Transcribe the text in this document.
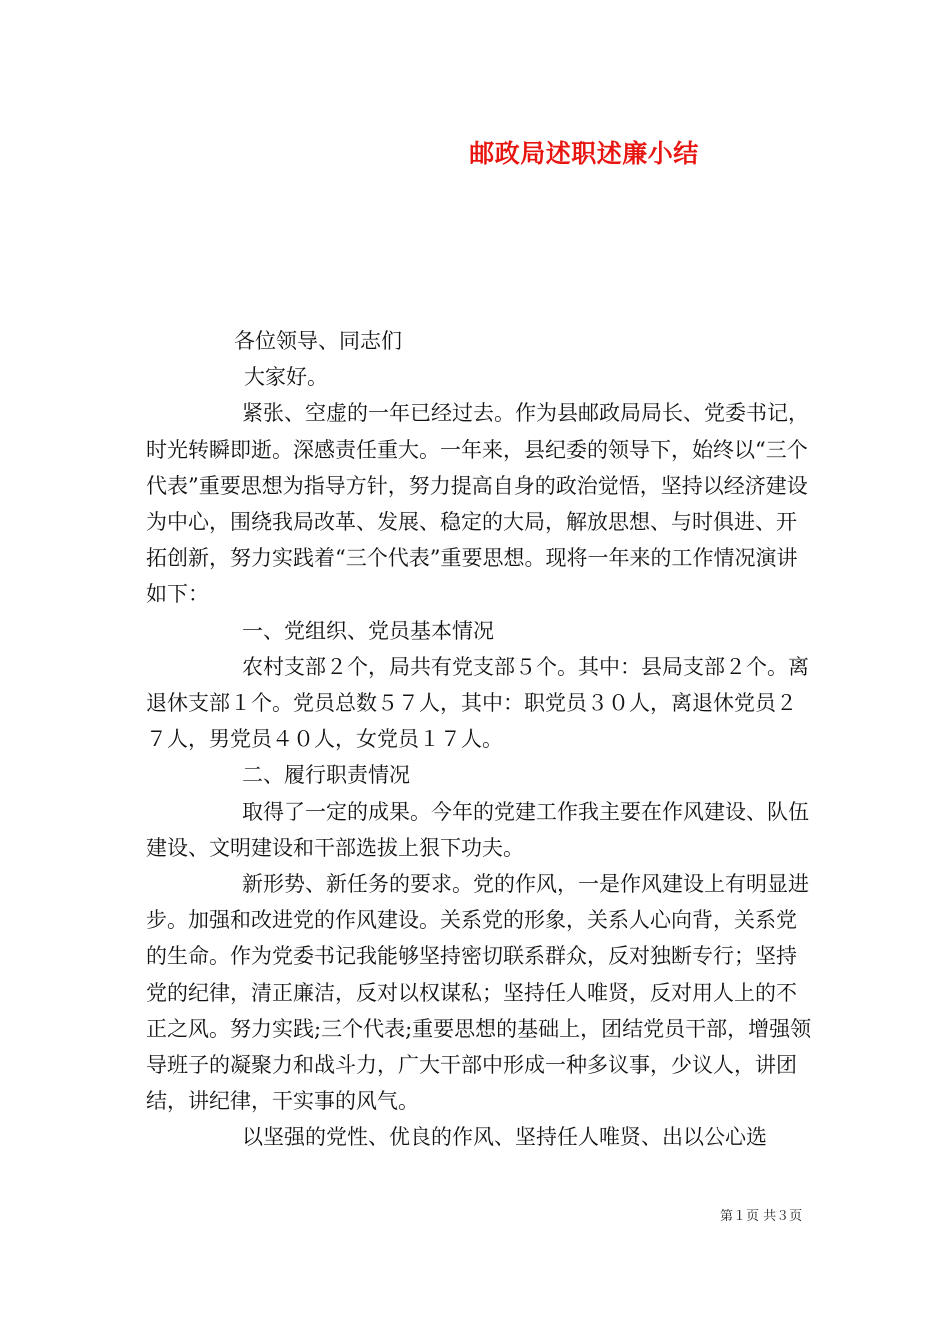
邮政局述职述廉小结

各位领导、同志们

大家好。

紧张、空虚的一年已经过去。作为县邮政局局长、党委书记，时光转瞬即逝。深感责任重大。一年来，县纪委的领导下，始终以“三个代表”重要思想为指导方针，努力提高自身的政治觉悟，坚持以经济建设为中心，围绕我局改革、发展、稳定的大局，解放思想、与时俱进、开拓创新，努力实践着“三个代表”重要思想。现将一年来的工作情况演讲如下：

一、党组织、党员基本情况

农村支部２个，局共有党支部５个。其中：县局支部２个。离退休支部１个。党员总数５７人，其中：职党员３０人，离退休党员２７人，男党员４０人，女党员１７人。

二、履行职责情况

取得了一定的成果。今年的党建工作我主要在作风建设、队伍建设、文明建设和干部选拔上狠下功夫。

新形势、新任务的要求。党的作风，一是作风建设上有明显进步。加强和改进党的作风建设。关系党的形象，关系人心向背，关系党的生命。作为党委书记我能够坚持密切联系群众，反对独断专行；坚持党的纪律，清正廉洁，反对以权谋私；坚持任人唯贤，反对用人上的不正之风。努力实践;三个代表;重要思想的基础上，团结党员干部，增强领导班子的凝聚力和战斗力，广大干部中形成一种多议事，少议人，讲团结，讲纪律，干实事的风气。

以坚强的党性、优良的作风、坚持任人唯贤、出以公心选

第１页 共３页
